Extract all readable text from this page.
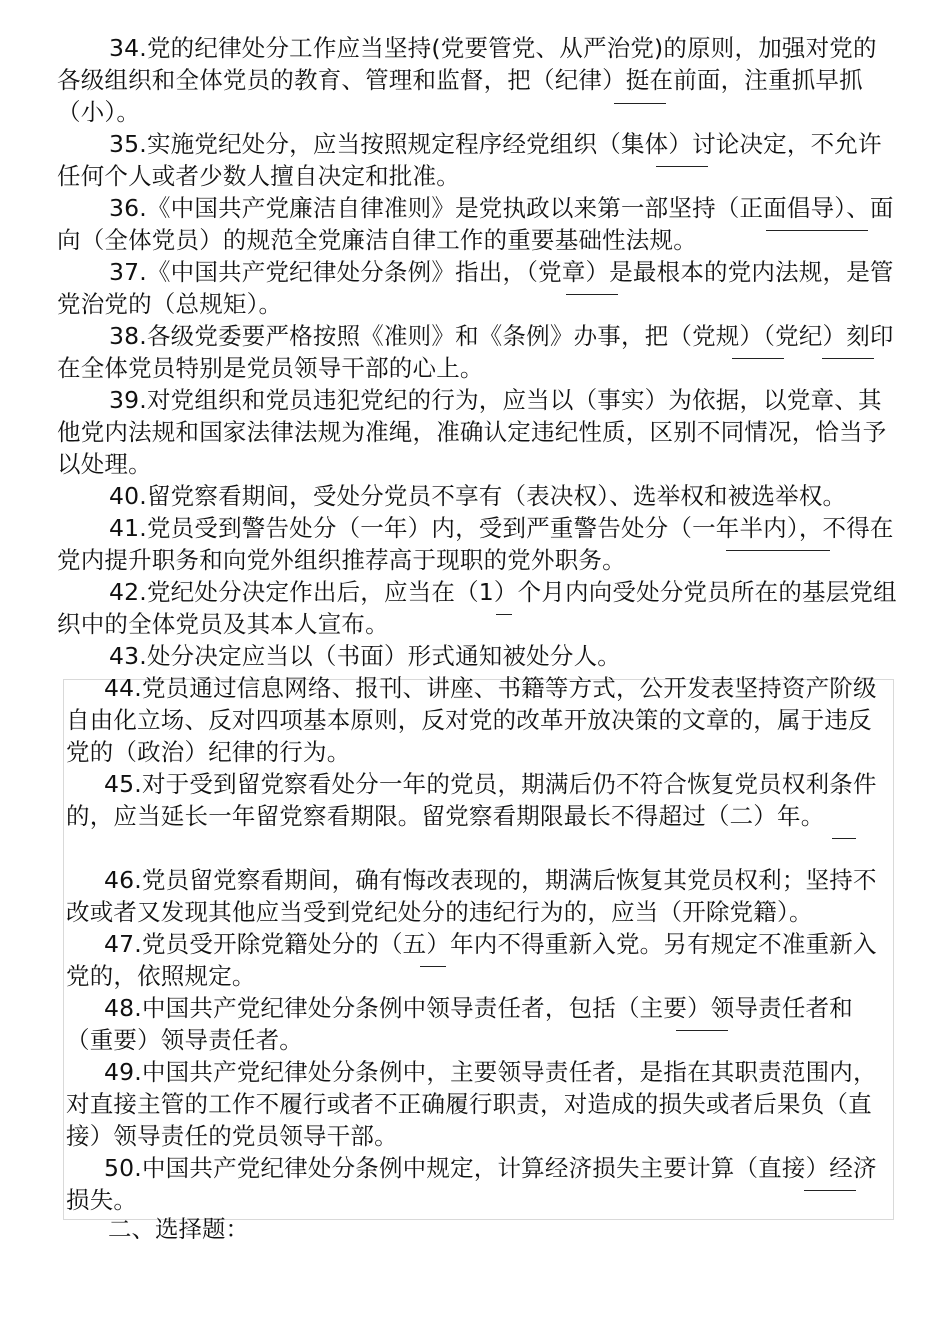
34.党的纪律处分工作应当坚持(党要管党、从严治党)的原则，加强对党的各级组织和全体党员的教育、管理和监督，把（纪律）挺在前面，注重抓早抓（小）。

35.实施党纪处分，应当按照规定程序经党组织（集体）讨论决定，不允许任何个人或者少数人擅自决定和批准。

36.《中国共产党廉洁自律准则》是党执政以来第一部坚持（正面倡导）、面向（全体党员）的规范全党廉洁自律工作的重要基础性法规。

37.《中国共产党纪律处分条例》指出，（党章）是最根本的党内法规，是管党治党的（总规矩）。

38.各级党委要严格按照《准则》和《条例》办事，把（党规）（党纪）刻印在全体党员特别是党员领导干部的心上。

39.对党组织和党员违犯党纪的行为，应当以（事实）为依据，以党章、其他党内法规和国家法律法规为准绳，准确认定违纪性质，区别不同情况，恰当予以处理。

40.留党察看期间，受处分党员不享有（表决权）、选举权和被选举权。

41.党员受到警告处分（一年）内，受到严重警告处分（一年半内），不得在党内提升职务和向党外组织推荐高于现职的党外职务。

42.党纪处分决定作出后，应当在（1）个月内向受处分党员所在的基层党组织中的全体党员及其本人宣布。

43.处分决定应当以（书面）形式通知被处分人。

44.党员通过信息网络、报刊、讲座、书籍等方式，公开发表坚持资产阶级自由化立场、反对四项基本原则，反对党的改革开放决策的文章的，属于违反党的（政治）纪律的行为。

45.对于受到留党察看处分一年的党员，期满后仍不符合恢复党员权利条件的，应当延长一年留党察看期限。留党察看期限最长不得超过（二）年。

46.党员留党察看期间，确有悔改表现的，期满后恢复其党员权利；坚持不改或者又发现其他应当受到党纪处分的违纪行为的，应当（开除党籍）。

47.党员受开除党籍处分的（五）年内不得重新入党。另有规定不准重新入党的，依照规定。

48.中国共产党纪律处分条例中领导责任者，包括（主要）领导责任者和（重要）领导责任者。

49.中国共产党纪律处分条例中，主要领导责任者，是指在其职责范围内，对直接主管的工作不履行或者不正确履行职责，对造成的损失或者后果负（直接）领导责任的党员领导干部。

50.中国共产党纪律处分条例中规定，计算经济损失主要计算（直接）经济损失。

二、选择题：
